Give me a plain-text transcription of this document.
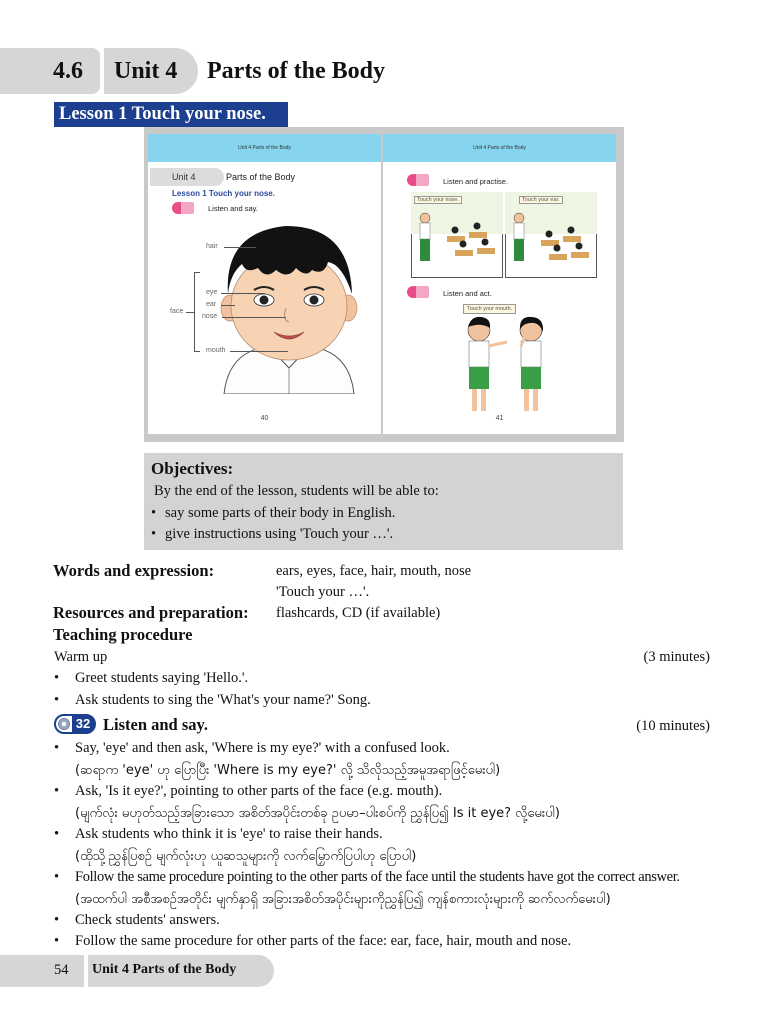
4.6 Unit 4 Parts of the Body
Lesson 1 Touch your nose.
Unit 4 Parts of the Body
Unit 4	Parts of the Body
Lesson 1 Touch your nose.
Listen and say.
hair
face
eye
ear
nose
mouth
40
Unit 4 Parts of the Body
Listen and practise.
Touch your nose.	Touch your ear.
Listen and act.
Touch your mouth.
41
Objectives:
By the end of the lesson, students will be able to:
• say some parts of their body in English.
• give instructions using 'Touch your …'.
Words and expression:	ears, eyes, face, hair, mouth, nose
'Touch your …'.
Resources and preparation: flashcards, CD (if available)
Teaching procedure
Warm up	(3 minutes)
• Greet students saying 'Hello.'.
• Ask students to sing the 'What's your name?' Song.
32 Listen and say.	(10 minutes)
• Say, 'eye' and then ask, 'Where is my eye?' with a confused look.
(ဆရာက 'eye' ဟု ပြောပြီး 'Where is my eye?' လို့ သိလိုသည့်အမူအရာဖြင့်မေးပါ)
• Ask, 'Is it eye?', pointing to other parts of the face (e.g. mouth).
(မျက်လုံး မဟုတ်သည့်အခြားသော အစိတ်အပိုင်းတစ်ခု ဥပမာ–ပါးစပ်ကို ညွှန်ပြ၍ Is it eye? လို့မေးပါ)
• Ask students who think it is 'eye' to raise their hands.
(ထိုသို့ညွှန်ပြစဉ် မျက်လုံးဟု ယူဆသူများကို လက်မြှောက်ပြပါဟု ပြောပါ)
• Follow the same procedure pointing to the other parts of the face until the students have got the correct answer.
(အထက်ပါ အစီအစဉ်အတိုင်း မျက်နှာရှိ အခြားအစိတ်အပိုင်းများကိုညွှန်ပြ၍ ကျန်စကားလုံးများကို ဆက်လက်မေးပါ)
• Check students' answers.
• Follow the same procedure for other parts of the face: ear, face, hair, mouth and nose.
54 Unit 4 Parts of the Body
